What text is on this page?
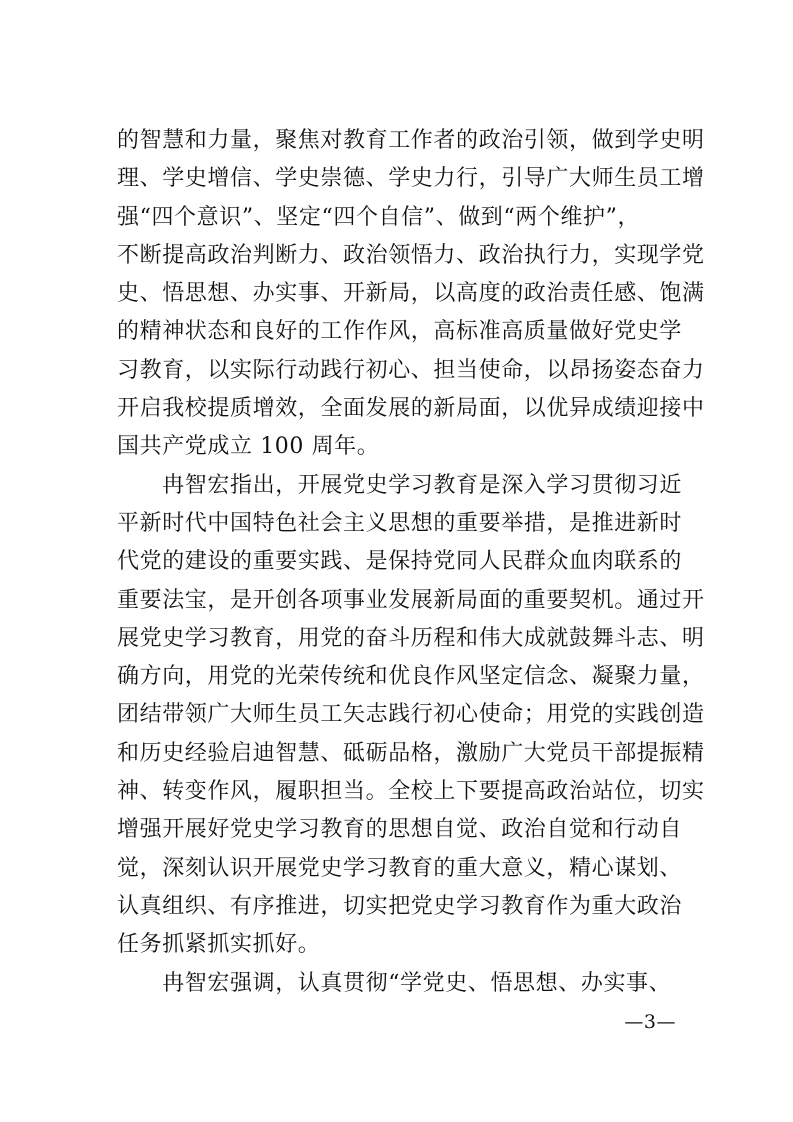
的智慧和力量，聚焦对教育工作者的政治引领，做到学史明
理、学史增信、学史崇德、学史力行，引导广大师生员工增
强“四个意识”、坚定“四个自信”、做到“两个维护”，
不断提高政治判断力、政治领悟力、政治执行力，实现学党
史、悟思想、办实事、开新局，以高度的政治责任感、饱满
的精神状态和良好的工作作风，高标准高质量做好党史学
习教育，以实际行动践行初心、担当使命，以昂扬姿态奋力
开启我校提质增效，全面发展的新局面，以优异成绩迎接中
国共产党成立 100 周年。
　　冉智宏指出，开展党史学习教育是深入学习贯彻习近
平新时代中国特色社会主义思想的重要举措，是推进新时
代党的建设的重要实践、是保持党同人民群众血肉联系的
重要法宝，是开创各项事业发展新局面的重要契机。通过开
展党史学习教育，用党的奋斗历程和伟大成就鼓舞斗志、明
确方向，用党的光荣传统和优良作风坚定信念、凝聚力量，
团结带领广大师生员工矢志践行初心使命；用党的实践创造
和历史经验启迪智慧、砥砺品格，激励广大党员干部提振精
神、转变作风，履职担当。全校上下要提高政治站位，切实
增强开展好党史学习教育的思想自觉、政治自觉和行动自
觉，深刻认识开展党史学习教育的重大意义，精心谋划、
认真组织、有序推进，切实把党史学习教育作为重大政治
任务抓紧抓实抓好。
　　冉智宏强调，认真贯彻“学党史、悟思想、办实事、
—3—
